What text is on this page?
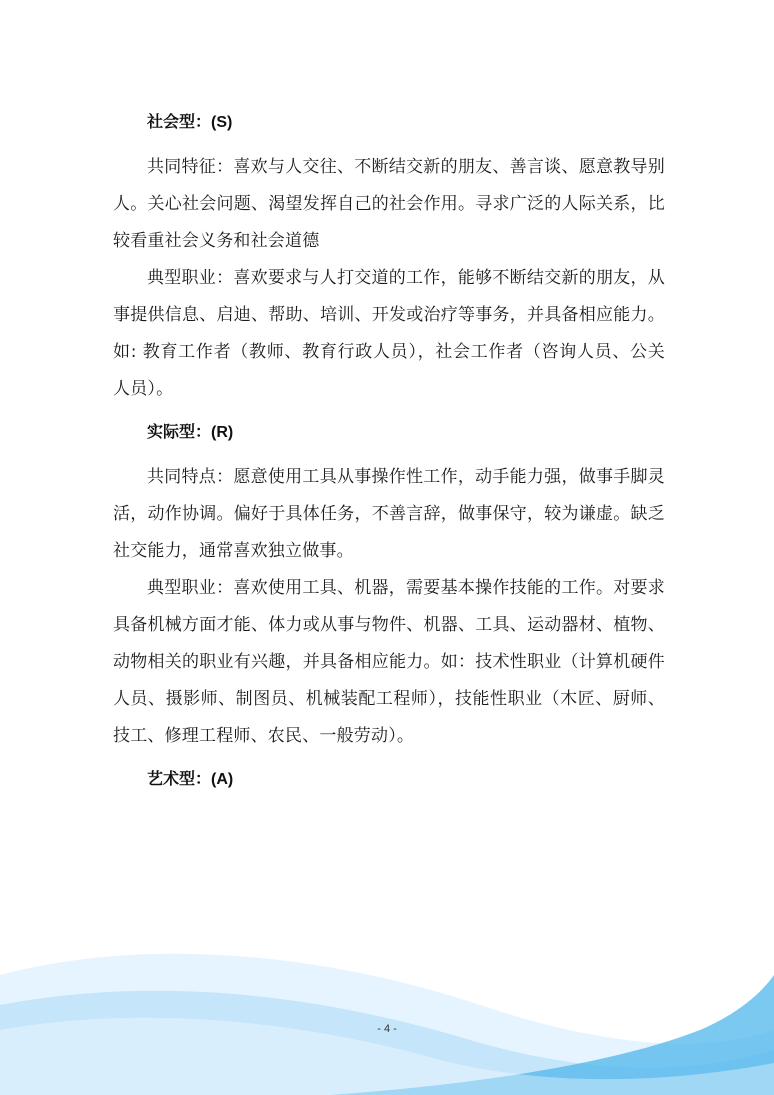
社会型：(S)

共同特征：喜欢与人交往、不断结交新的朋友、善言谈、愿意教导别人。关心社会问题、渴望发挥自己的社会作用。寻求广泛的人际关系，比较看重社会义务和社会道德

典型职业：喜欢要求与人打交道的工作，能够不断结交新的朋友，从事提供信息、启迪、帮助、培训、开发或治疗等事务，并具备相应能力。如: 教育工作者（教师、教育行政人员），社会工作者（咨询人员、公关人员）。

实际型：(R)

共同特点：愿意使用工具从事操作性工作，动手能力强，做事手脚灵活，动作协调。偏好于具体任务，不善言辞，做事保守，较为谦虚。缺乏社交能力，通常喜欢独立做事。

典型职业：喜欢使用工具、机器，需要基本操作技能的工作。对要求具备机械方面才能、体力或从事与物件、机器、工具、运动器材、植物、动物相关的职业有兴趣，并具备相应能力。如：技术性职业（计算机硬件人员、摄影师、制图员、机械装配工程师），技能性职业（木匠、厨师、技工、修理工程师、农民、一般劳动）。

艺术型：(A)
- 4 -
